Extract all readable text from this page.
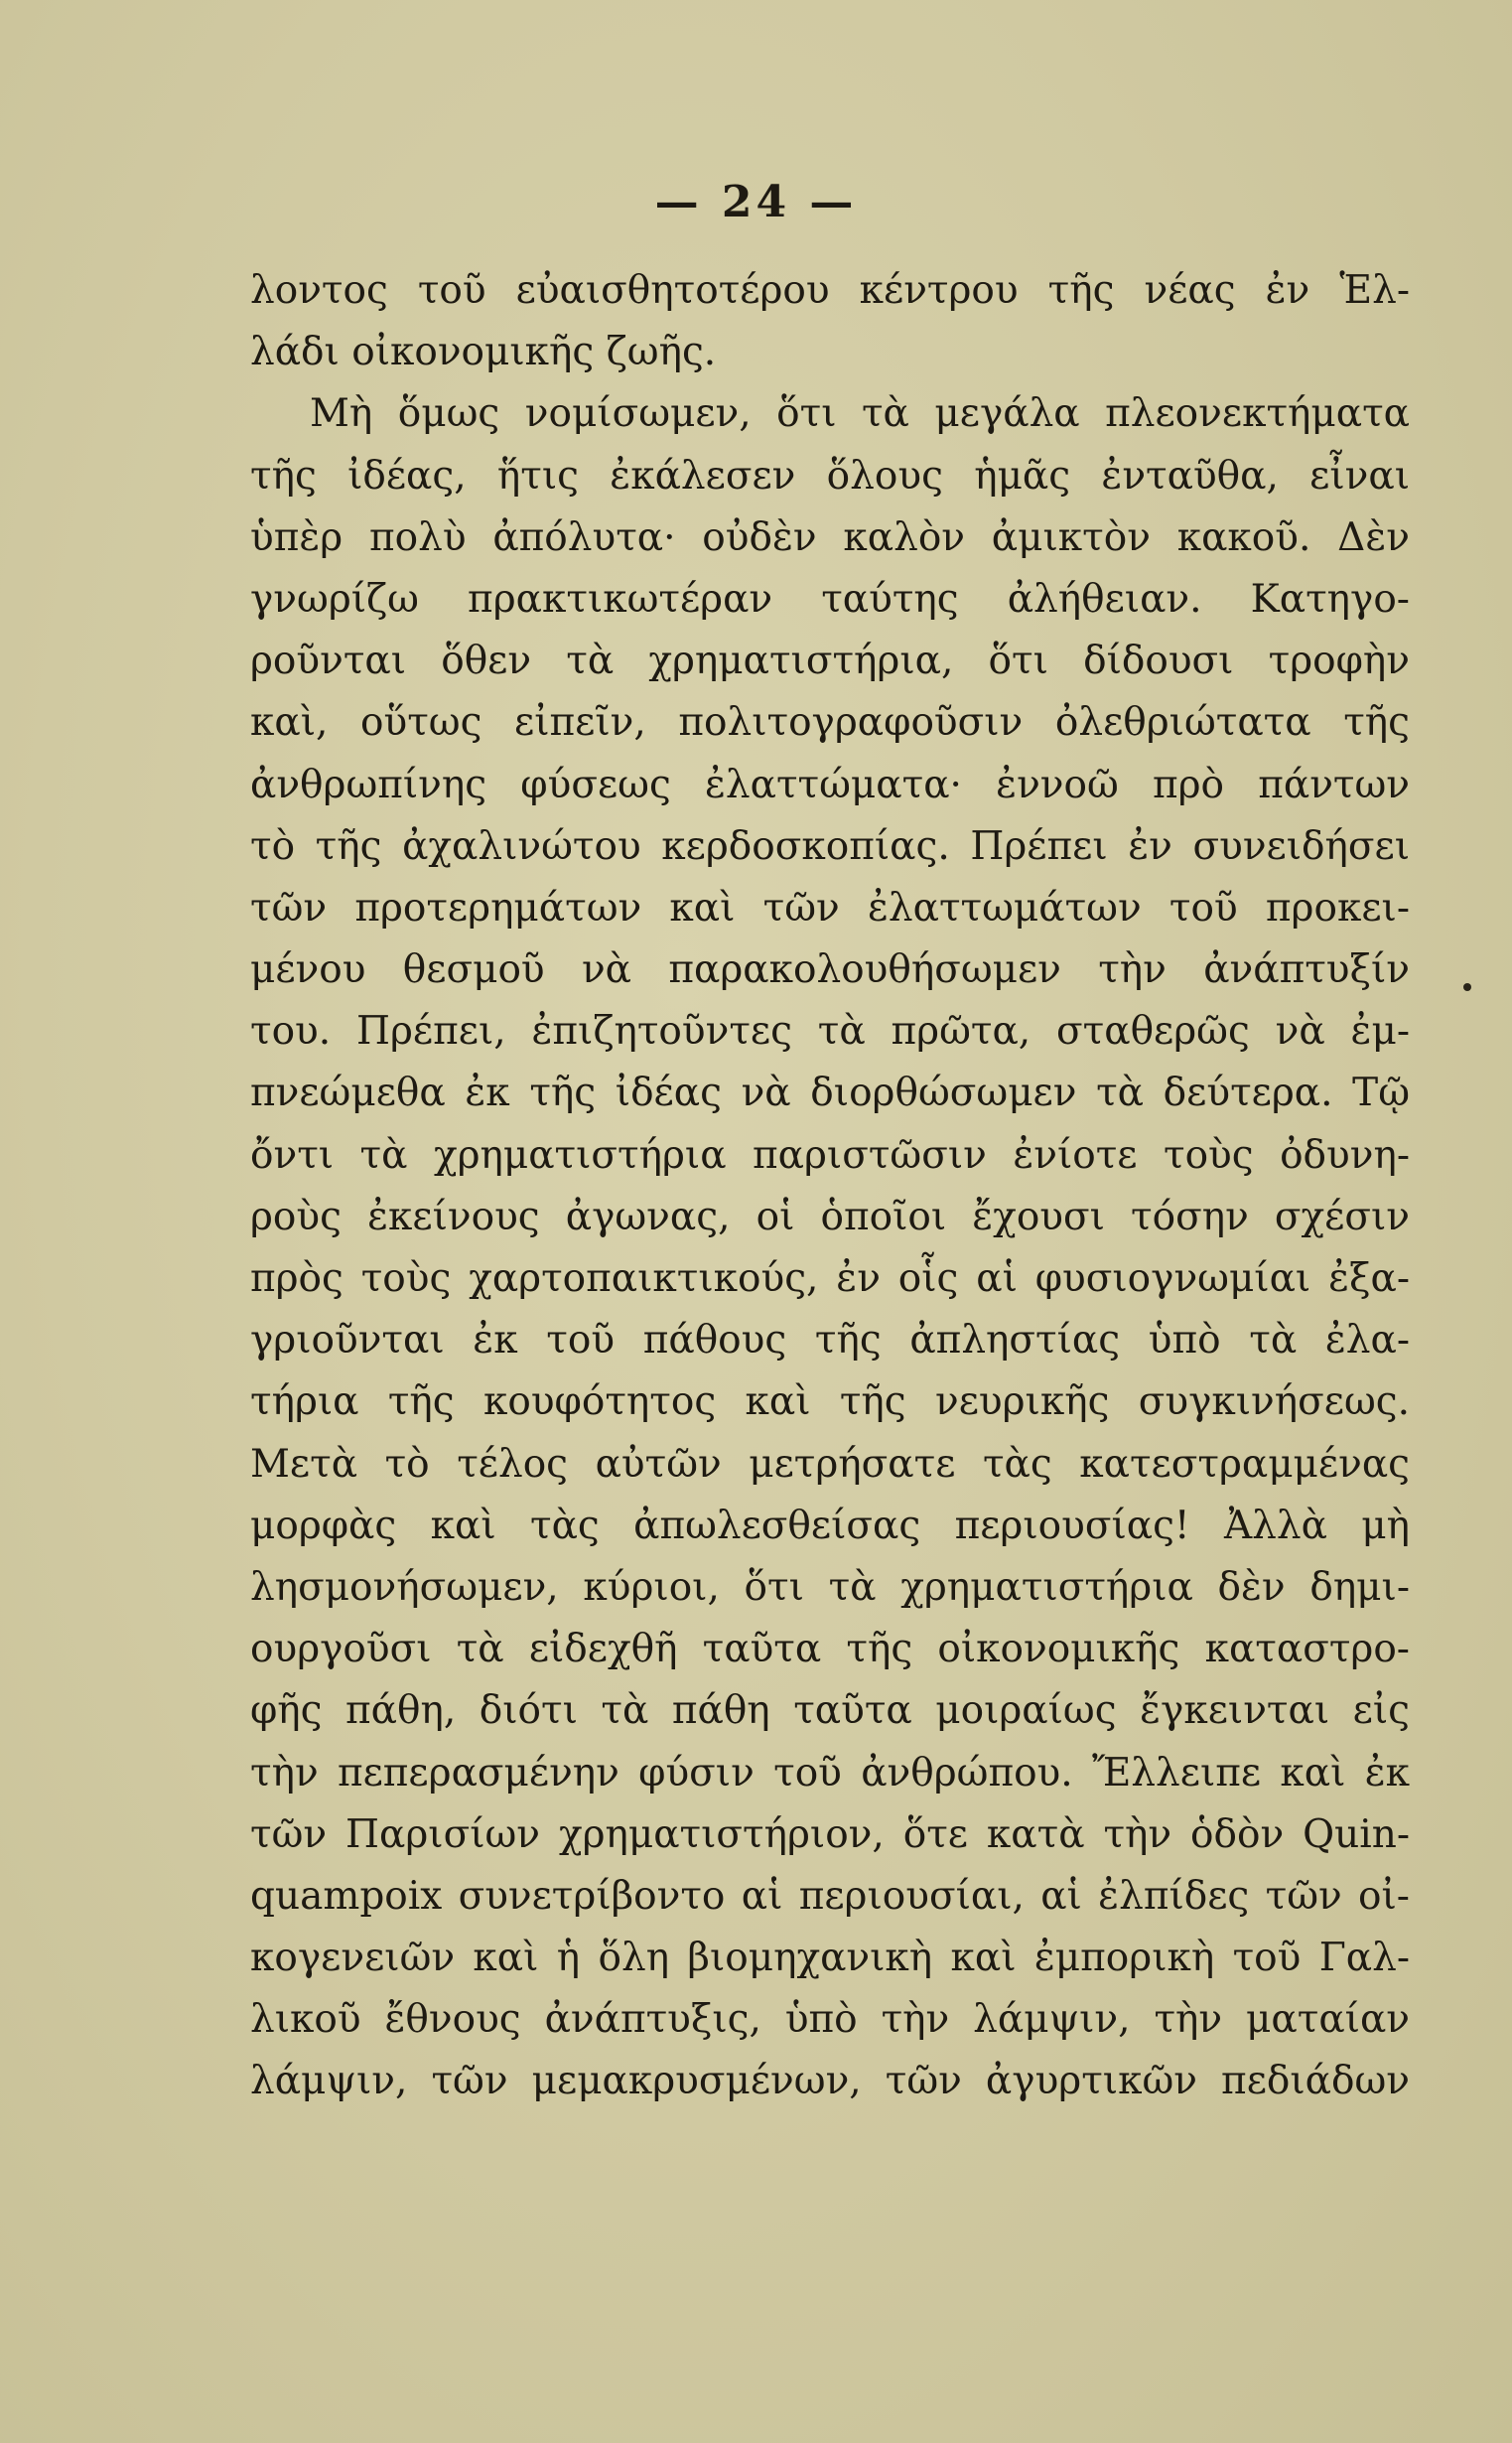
— 24 —
λοντος τοῦ εὐαισθητοτέρου κέντρου τῆς νέας ἐν Ἑλ-
λάδι οἰκονομικῆς ζωῆς.
Μὴ ὅμως νομίσωμεν, ὅτι τὰ μεγάλα πλεονεκτήματα
τῆς ἰδέας, ἥτις ἐκάλεσεν ὅλους ἡμᾶς ἐνταῦθα, εἶναι
ὑπὲρ πολὺ ἀπόλυτα· οὐδὲν καλὸν ἀμικτὸν κακοῦ. Δὲν
γνωρίζω πρακτικωτέραν ταύτης ἀλήθειαν. Κατηγο-
ροῦνται ὅθεν τὰ χρηματιστήρια, ὅτι δίδουσι τροφὴν
καὶ, οὕτως εἰπεῖν, πολιτογραφοῦσιν ὀλεθριώτατα τῆς
ἀνθρωπίνης φύσεως ἐλαττώματα· ἐννοῶ πρὸ πάντων
τὸ τῆς ἀχαλινώτου κερδοσκοπίας. Πρέπει ἐν συνειδήσει
τῶν προτερημάτων καὶ τῶν ἐλαττωμάτων τοῦ προκει-
μένου θεσμοῦ νὰ παρακολουθήσωμεν τὴν ἀνάπτυξίν
του. Πρέπει, ἐπιζητοῦντες τὰ πρῶτα, σταθερῶς νὰ ἐμ-
πνεώμεθα ἐκ τῆς ἰδέας νὰ διορθώσωμεν τὰ δεύτερα. Τῷ
ὄντι τὰ χρηματιστήρια παριστῶσιν ἐνίοτε τοὺς ὀδυνη-
ροὺς ἐκείνους ἀγωνας, οἱ ὁποῖοι ἔχουσι τόσην σχέσιν
πρὸς τοὺς χαρτοπαικτικούς, ἐν οἷς αἱ φυσιογνωμίαι ἐξα-
γριοῦνται ἐκ τοῦ πάθους τῆς ἀπληστίας ὑπὸ τὰ ἐλα-
τήρια τῆς κουφότητος καὶ τῆς νευρικῆς συγκινήσεως.
Μετὰ τὸ τέλος αὐτῶν μετρήσατε τὰς κατεστραμμένας
μορφὰς καὶ τὰς ἀπωλεσθείσας περιουσίας! Ἀλλὰ μὴ
λησμονήσωμεν, κύριοι, ὅτι τὰ χρηματιστήρια δὲν δημι-
ουργοῦσι τὰ εἰδεχθῆ ταῦτα τῆς οἰκονομικῆς καταστρο-
φῆς πάθη, διότι τὰ πάθη ταῦτα μοιραίως ἔγκεινται εἰς
τὴν πεπερασμένην φύσιν τοῦ ἀνθρώπου. Ἔλλειπε καὶ ἐκ
τῶν Παρισίων χρηματιστήριον, ὅτε κατὰ τὴν ὁδὸν Quin-
quampoix συνετρίβοντο αἱ περιουσίαι, αἱ ἐλπίδες τῶν οἰ-
κογενειῶν καὶ ἡ ὅλη βιομηχανικὴ καὶ ἐμπορικὴ τοῦ Γαλ-
λικοῦ ἔθνους ἀνάπτυξις, ὑπὸ τὴν λάμψιν, τὴν ματαίαν
λάμψιν, τῶν μεμακρυσμένων, τῶν ἀγυρτικῶν πεδιάδων
